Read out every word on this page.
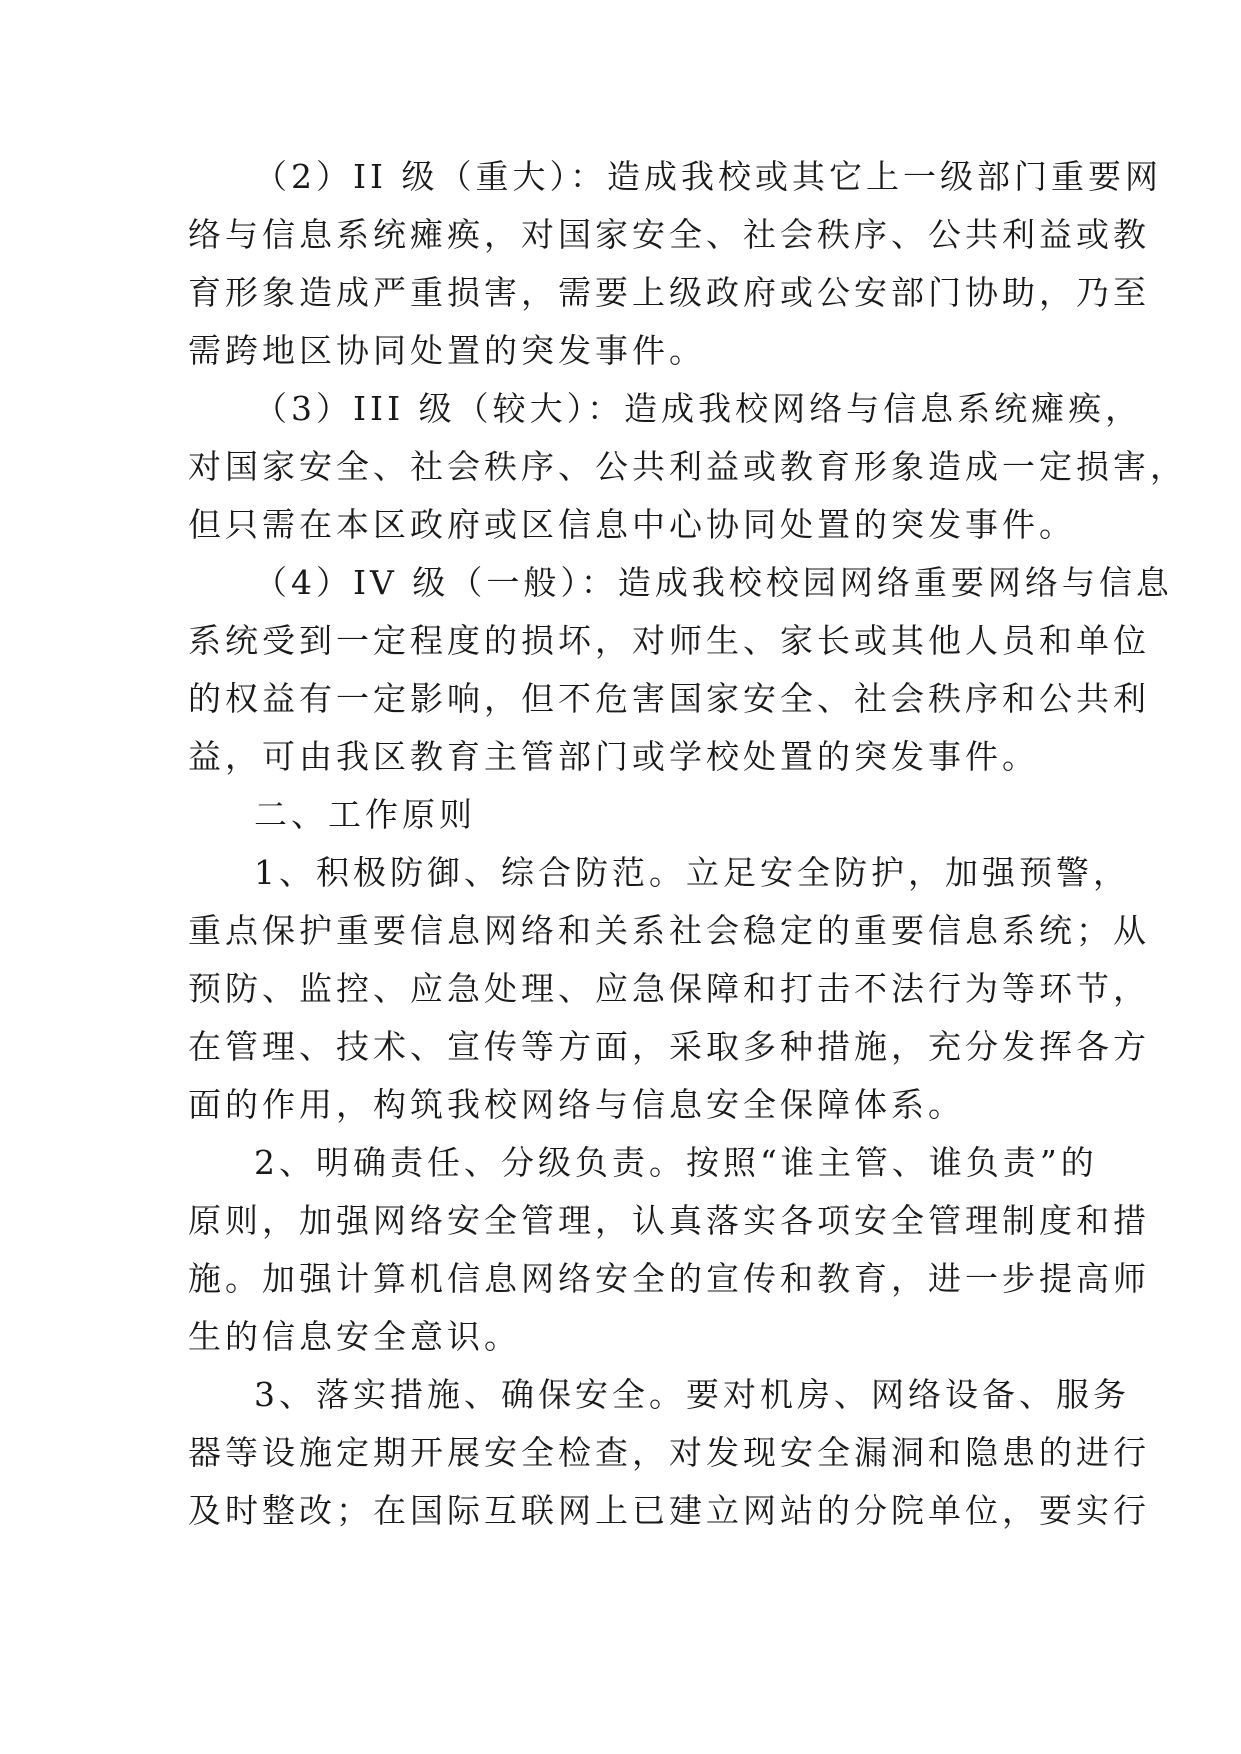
（2）II 级（重大）：造成我校或其它上一级部门重要网
络与信息系统瘫痪，对国家安全、社会秩序、公共利益或教
育形象造成严重损害，需要上级政府或公安部门协助，乃至
需跨地区协同处置的突发事件。
（3）III 级（较大）：造成我校网络与信息系统瘫痪，
对国家安全、社会秩序、公共利益或教育形象造成一定损害，
但只需在本区政府或区信息中心协同处置的突发事件。
（4）IV 级（一般）：造成我校校园网络重要网络与信息
系统受到一定程度的损坏，对师生、家长或其他人员和单位
的权益有一定影响，但不危害国家安全、社会秩序和公共利
益，可由我区教育主管部门或学校处置的突发事件。
二、工作原则
1、积极防御、综合防范。立足安全防护，加强预警，
重点保护重要信息网络和关系社会稳定的重要信息系统；从
预防、监控、应急处理、应急保障和打击不法行为等环节，
在管理、技术、宣传等方面，采取多种措施，充分发挥各方
面的作用，构筑我校网络与信息安全保障体系。
2、明确责任、分级负责。按照“谁主管、谁负责”的
原则，加强网络安全管理，认真落实各项安全管理制度和措
施。加强计算机信息网络安全的宣传和教育，进一步提高师
生的信息安全意识。
3、落实措施、确保安全。要对机房、网络设备、服务
器等设施定期开展安全检查，对发现安全漏洞和隐患的进行
及时整改；在国际互联网上已建立网站的分院单位，要实行
